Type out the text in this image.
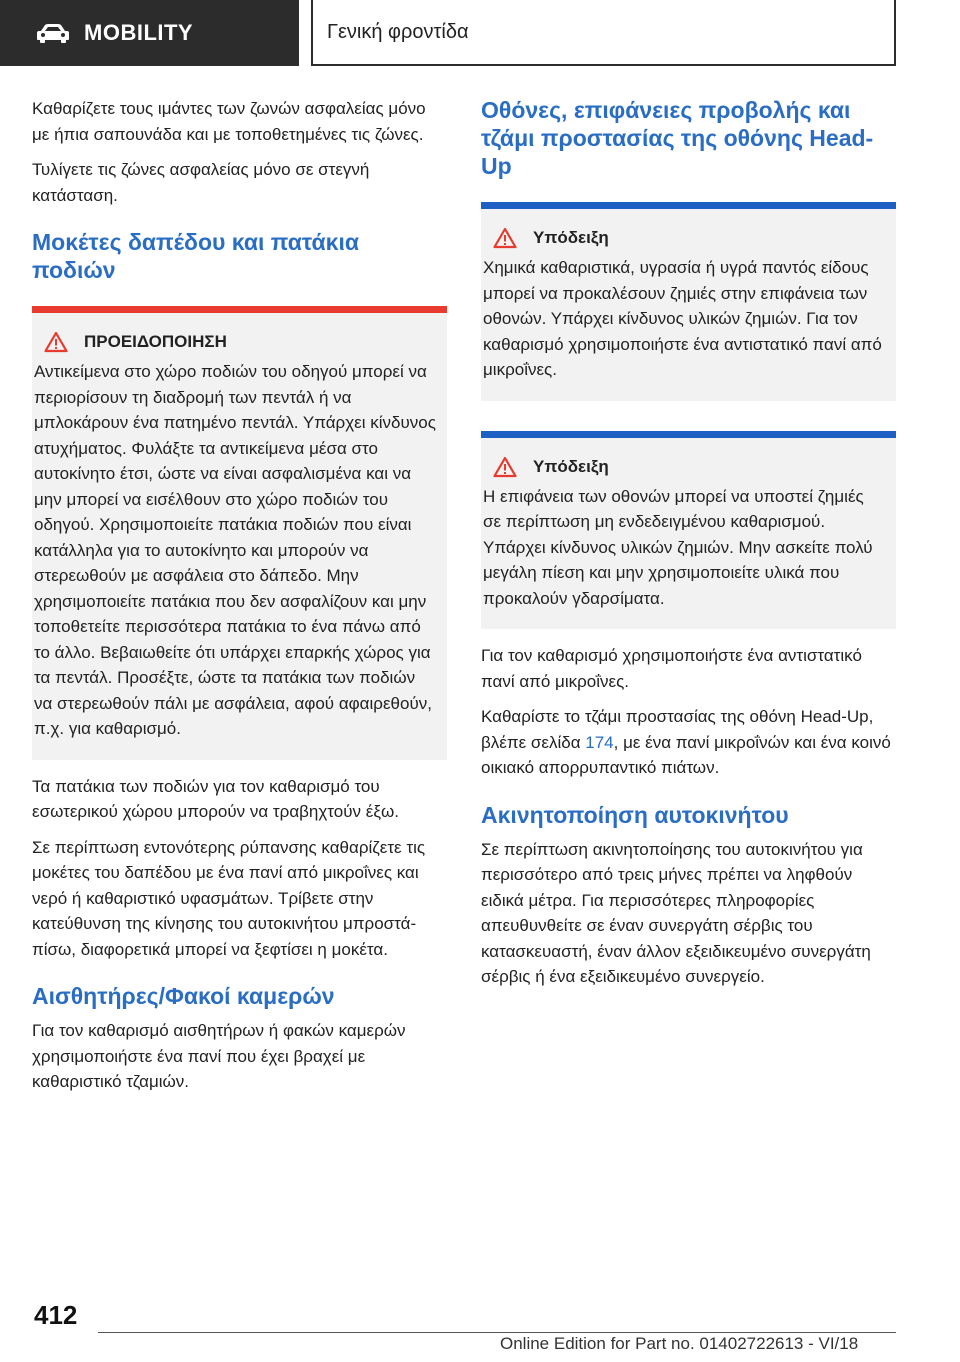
MOBILITY	Γενική φροντίδα

Καθαρίζετε τους ιμάντες των ζωνών ασφαλείας μόνο με ήπια σαπουνάδα και με τοποθετημένες τις ζώνες.

Τυλίγετε τις ζώνες ασφαλείας μόνο σε στεγνή κατάσταση.

Μοκέτες δαπέδου και πατάκια ποδιών
ΠΡΟΕΙΔΟΠΟΙΗΣΗ
Αντικείμενα στο χώρο ποδιών του οδηγού μπορεί να περιορίσουν τη διαδρομή των πεντάλ ή να μπλοκάρουν ένα πατημένο πεντάλ. Υπάρχει κίνδυνος ατυχήματος. Φυλάξτε τα αντικείμενα μέσα στο αυτοκίνητο έτσι, ώστε να είναι ασφαλισμένα και να μην μπορεί να εισέλθουν στο χώρο ποδιών του οδηγού. Χρησιμοποιείτε πατάκια ποδιών που είναι κατάλληλα για το αυτοκίνητο και μπορούν να στερεωθούν με ασφάλεια στο δάπεδο. Μην χρησιμοποιείτε πατάκια που δεν ασφαλίζουν και μην τοποθετείτε περισσότερα πατάκια το ένα πάνω από το άλλο. Βεβαιωθείτε ότι υπάρχει επαρκής χώρος για τα πεντάλ. Προσέξτε, ώστε τα πατάκια των ποδιών να στερεωθούν πάλι με ασφάλεια, αφού αφαιρεθούν, π.χ. για καθαρισμό.

Τα πατάκια των ποδιών για τον καθαρισμό του εσωτερικού χώρου μπορούν να τραβηχτούν έξω.

Σε περίπτωση εντονότερης ρύπανσης καθαρίζετε τις μοκέτες του δαπέδου με ένα πανί από μικροΐνες και νερό ή καθαριστικό υφασμάτων. Τρίβετε στην κατεύθυνση της κίνησης του αυτοκινήτου μπροστά-πίσω, διαφορετικά μπορεί να ξεφτίσει η μοκέτα.

Αισθητήρες/Φακοί καμερών

Για τον καθαρισμό αισθητήρων ή φακών καμερών χρησιμοποιήστε ένα πανί που έχει βραχεί με καθαριστικό τζαμιών.

Οθόνες, επιφάνειες προβολής και τζάμι προστασίας της οθόνης Head-Up
Υπόδειξη
Χημικά καθαριστικά, υγρασία ή υγρά παντός είδους μπορεί να προκαλέσουν ζημιές στην επιφάνεια των οθονών. Υπάρχει κίνδυνος υλικών ζημιών. Για τον καθαρισμό χρησιμοποιήστε ένα αντιστατικό πανί από μικροΐνες.
Υπόδειξη
Η επιφάνεια των οθονών μπορεί να υποστεί ζημιές σε περίπτωση μη ενδεδειγμένου καθαρισμού. Υπάρχει κίνδυνος υλικών ζημιών. Μην ασκείτε πολύ μεγάλη πίεση και μην χρησιμοποιείτε υλικά που προκαλούν γδαρσίματα.

Για τον καθαρισμό χρησιμοποιήστε ένα αντιστατικό πανί από μικροΐνες.

Καθαρίστε το τζάμι προστασίας της οθόνη Head-Up, βλέπε σελίδα 174, με ένα πανί μικροΐνών και ένα κοινό οικιακό απορρυπαντικό πιάτων.

Ακινητοποίηση αυτοκινήτου

Σε περίπτωση ακινητοποίησης του αυτοκινήτου για περισσότερο από τρεις μήνες πρέπει να ληφθούν ειδικά μέτρα. Για περισσότερες πληροφορίες απευθυνθείτε σε έναν συνεργάτη σέρβις του κατασκευαστή, έναν άλλον εξειδικευμένο συνεργάτη σέρβις ή ένα εξειδικευμένο συνεργείο.

412
Online Edition for Part no. 01402722613 - VI/18
